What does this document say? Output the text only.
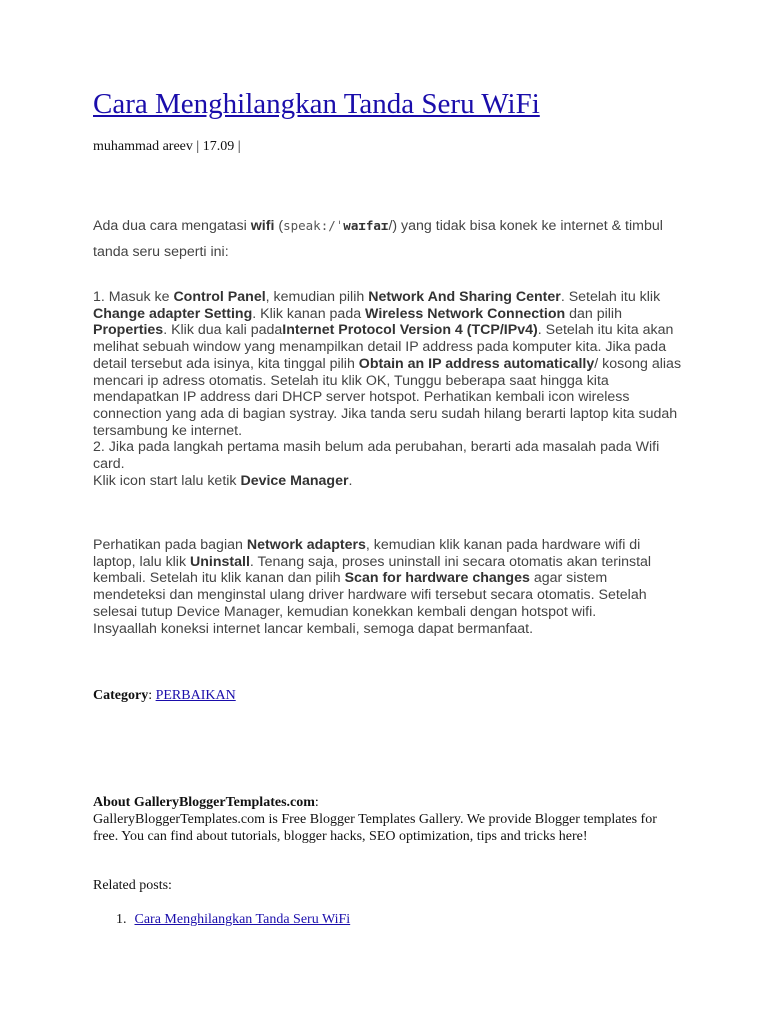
Cara Menghilangkan Tanda Seru WiFi
muhammad areev | 17.09 |

Ada dua cara mengatasi wifi (speak:/ˈwaɪfaɪ/) yang tidak bisa konek ke internet & timbul tanda seru seperti ini:

1. Masuk ke Control Panel, kemudian pilih Network And Sharing Center. Setelah itu klik Change adapter Setting. Klik kanan pada Wireless Network Connection dan pilih Properties. Klik dua kali padaInternet Protocol Version 4 (TCP/IPv4). Setelah itu kita akan melihat sebuah window yang menampilkan detail IP address pada komputer kita. Jika pada detail tersebut ada isinya, kita tinggal pilih Obtain an IP address automatically/ kosong alias mencari ip adress otomatis. Setelah itu klik OK, Tunggu beberapa saat hingga kita mendapatkan IP address dari DHCP server hotspot. Perhatikan kembali icon wireless connection yang ada di bagian systray. Jika tanda seru sudah hilang berarti laptop kita sudah tersambung ke internet.
2. Jika pada langkah pertama masih belum ada perubahan, berarti ada masalah pada Wifi card.
Klik icon start lalu ketik Device Manager.

Perhatikan pada bagian Network adapters, kemudian klik kanan pada hardware wifi di laptop, lalu klik Uninstall. Tenang saja, proses uninstall ini secara otomatis akan terinstal kembali. Setelah itu klik kanan dan pilih Scan for hardware changes agar sistem mendeteksi dan menginstal ulang driver hardware wifi tersebut secara otomatis. Setelah selesai tutup Device Manager, kemudian konekkan kembali dengan hotspot wifi.
Insyaallah koneksi internet lancar kembali, semoga dapat bermanfaat.

Category: PERBAIKAN
About GalleryBloggerTemplates.com:
GalleryBloggerTemplates.com is Free Blogger Templates Gallery. We provide Blogger templates for free. You can find about tutorials, blogger hacks, SEO optimization, tips and tricks here!
Related posts:
1. Cara Menghilangkan Tanda Seru WiFi
